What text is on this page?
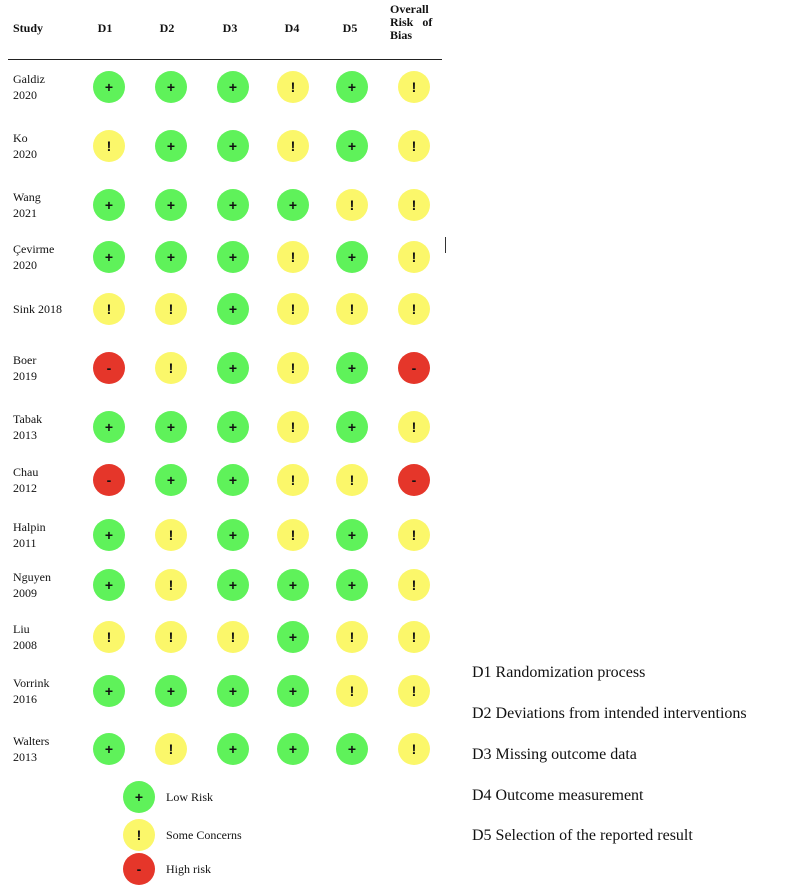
Study	D1	D2	D3	D4	D5
Overall
Risk of
Bias
Galdiz
2020	+	+	+	!	+	!
Ko
2020	!	+	+	!	+	!
Wang
2021	+	+	+	+	!	!
Çevirme
2020	+	+	+	!	+	!
Sink 2018	!	!	+	!	!	!
Boer
2019	-	!	+	!	+	-
Tabak
2013	+	+	+	!	+	!
Chau
2012	-	+	+	!	!	-
Halpin
2011	+	!	+	!	+	!
Nguyen
2009	+	!	+	+	+	!
Liu
2008	!	!	!	+	!	!
Vorrink
2016	+	+	+	+	!	!
Walters
2013	+	!	+	+	+	!
+	Low Risk
!	Some Concerns
-	High risk
D1 Randomization process
D2 Deviations from intended interventions
D3 Missing outcome data
D4 Outcome measurement
D5 Selection of the reported result
